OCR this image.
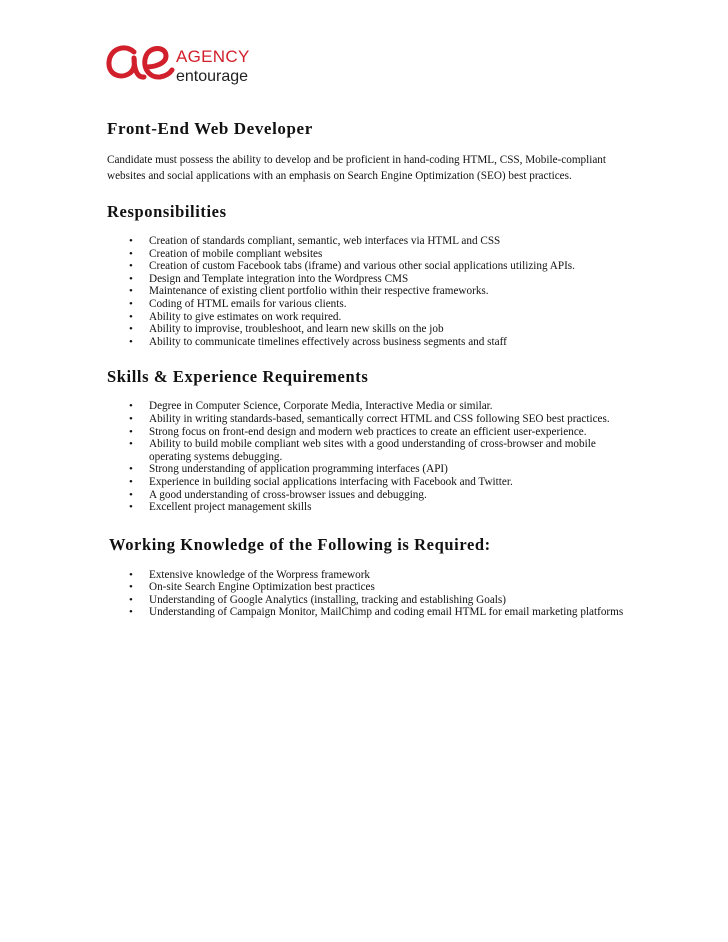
AGENCY
entourage
Front-End Web Developer

Candidate must possess the ability to develop and be proficient in hand-coding HTML, CSS, Mobile-compliant websites and social applications with an emphasis on Search Engine Optimization (SEO) best practices.

Responsibilities
• Creation of standards compliant, semantic, web interfaces via HTML and CSS
• Creation of mobile compliant websites
• Creation of custom Facebook tabs (iframe) and various other social applications utilizing APIs.
• Design and Template integration into the Wordpress CMS
• Maintenance of existing client portfolio within their respective frameworks.
• Coding of HTML emails for various clients.
• Ability to give estimates on work required.
• Ability to improvise, troubleshoot, and learn new skills on the job
• Ability to communicate timelines effectively across business segments and staff
Skills & Experience Requirements
• Degree in Computer Science, Corporate Media, Interactive Media or similar.
• Ability in writing standards-based, semantically correct HTML and CSS following SEO best practices.
• Strong focus on front-end design and modern web practices to create an efficient user-experience.
• Ability to build mobile compliant web sites with a good understanding of cross-browser and mobile operating systems debugging.
• Strong understanding of application programming interfaces (API)
• Experience in building social applications interfacing with Facebook and Twitter.
• A good understanding of cross-browser issues and debugging.
• Excellent project management skills
Working Knowledge of the Following is Required:
• Extensive knowledge of the Worpress framework
• On-site Search Engine Optimization best practices
• Understanding of Google Analytics (installing, tracking and establishing Goals)
• Understanding of Campaign Monitor, MailChimp and coding email HTML for email marketing platforms
